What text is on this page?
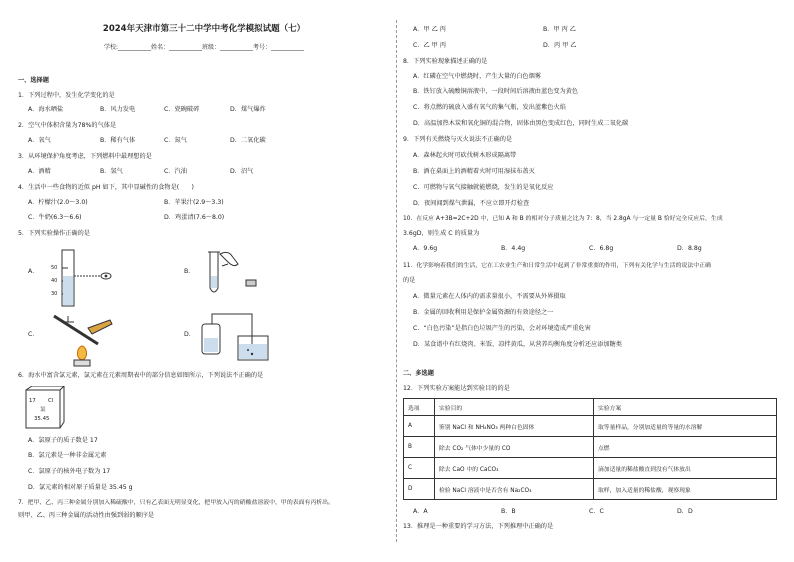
2024年天津市第三十二中学中考化学模拟试题（七）
学校:___________姓名：___________班级：___________考号：___________
一、选择题
1．下列过程中，发生化学变化的是
A．海水晒盐	B．风力发电	C．瓷碗破碎	D．煤气爆炸
2．空气中体积含量为78%的气体是
A．氧气	B．稀有气体	C．氮气	D．二氧化碳
3．从环境保护角度考虑，下列燃料中最理想的是
A．酒精	B．氢气	C．汽油	D．沼气
4．生活中一些食物的近似 pH 如下，其中显碱性的食物是(　　)
A．柠檬汁(2.0～3.0)	B．苹果汁(2.9～3.3)
C．牛奶(6.3～6.6)	D．鸡蛋清(7.6～8.0)
5．下列实验操作正确的是
A．	50
40
30
B．
C．	D．
6．海水中富含氯元素，氯元素在元素周期表中的部分信息如图所示，下列说法不正确的是
17 Cl
氯
35.45
A．氯原子的质子数是 17
B．氯元素是一种非金属元素
C．氯原子的核外电子数为 17
D．氯元素的相对原子质量是 35.45 g
7．把甲、乙、丙三种金属分别加入稀硫酸中，只有乙表面无明显变化，把甲放入丙的硝酸盐溶液中，甲的表面有丙析出。
则甲、乙、丙三种金属的活动性由强到弱的顺序是
A．甲 乙 丙	B．甲 丙 乙
C．乙 甲 丙	D．丙 甲 乙
8．下列实验现象描述正确的是
A．红磷在空气中燃烧时，产生大量的白色烟雾
B．铁钉放入硫酸铜溶液中，一段时间后溶液由蓝色变为黄色
C．将点燃的硫放入盛有氧气的集气瓶，发出蓝紫色火焰
D．高温加热木炭和氧化铜的混合物，固体由黑色变成红色，同时生成二氧化碳
9．下列有关燃烧与灭火说法不正确的是
A．森林起火时可砍伐树木形成隔离带
B．酒在桌面上的酒精着火时可用湿抹布盖灭
C．可燃物与氧气接触就能燃烧，发生的是氧化反应
D．夜间闻到煤气泄漏，不应立即开灯检查
10．在反应 A+3B=2C+2D 中，已知 A 和 B 的相对分子质量之比为 7：8，当 2.8gA 与一定量 B 恰好完全反应后，生成
3.6gD，则生成 C 的质量为
A．9.6g	B．4.4g	C．6.8g	D．8.8g
11．化学影响着我们的生活，它在工农业生产和日常生活中起到了非常重要的作用，下列有关化学与生活的说法中正确
的是
A．微量元素在人体内的需求量很小，不需要从外界摄取
B．金属的回收利用是保护金属资源的有效途径之一
C．“白色污染”是指白色垃圾产生的污染，会对环境造成严重危害
D．某食谱中有红烧肉、米饭、凉拌黄瓜，从营养均衡角度分析还应添加糖类
二、多选题
12．下列实验方案能达到实验目的的是
选项	实验目的	实验方案
A	鉴别 NaCl 和 NH₄NO₃ 两种白色固体	取等量样品，分别加适量的等量的水溶解
B	除去 CO₂ 气体中少量的 CO	点燃
C	除去 CaO 中的 CaCO₃	滴加适量的稀盐酸直到没有气体放出
D	检验 NaCl 溶液中是否含有 Na₂CO₃	取样，加入适量的稀盐酸，观察现象
A．A	B．B	C．C	D．D
13．推理是一种重要的学习方法，下列推理中正确的是
